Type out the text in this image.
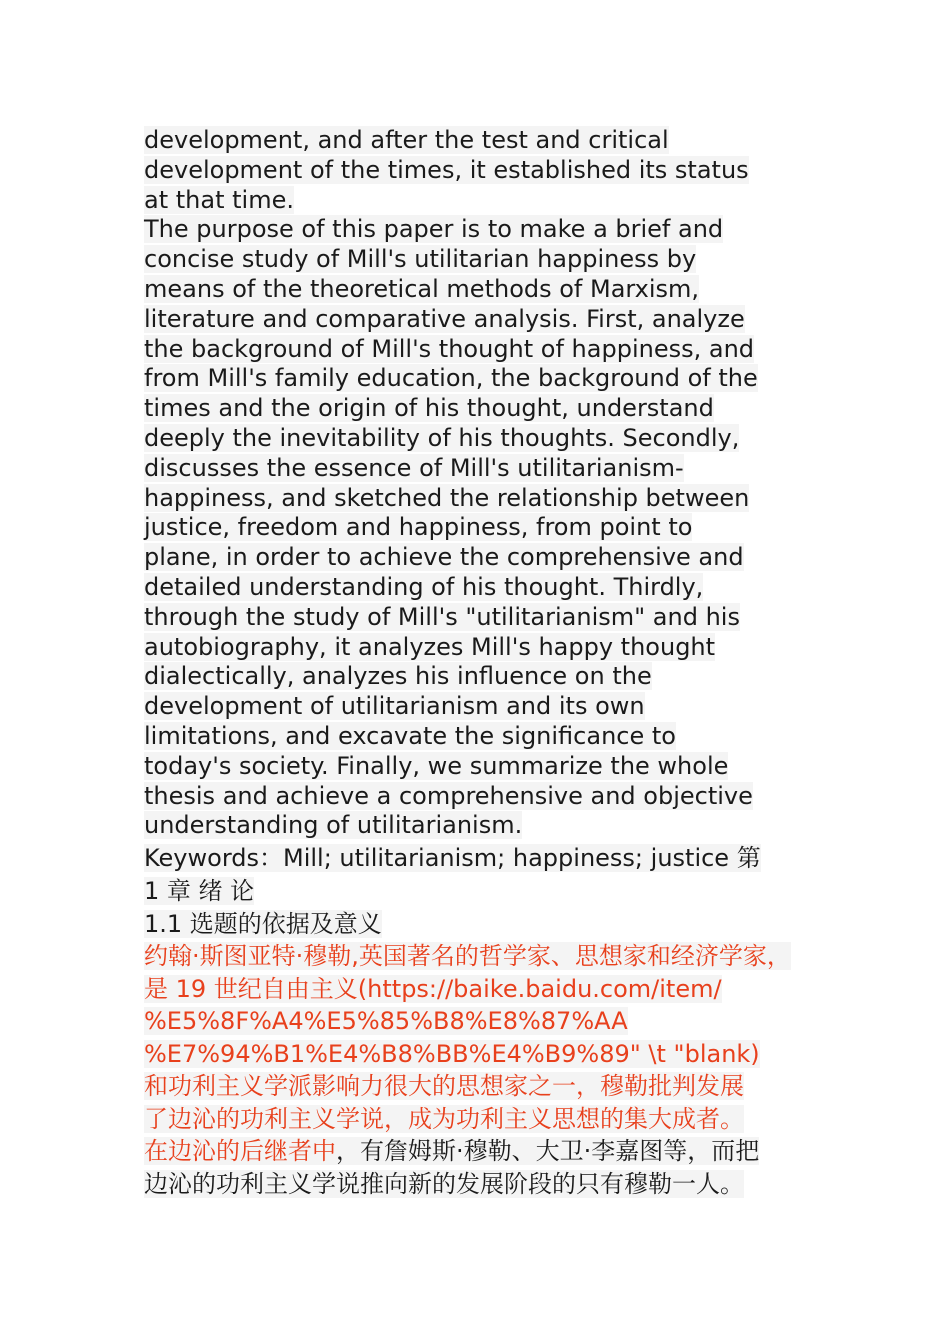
development, and after the test and critical
development of the times, it established its status
at that time.
The purpose of this paper is to make a brief and
concise study of Mill's utilitarian happiness by
means of the theoretical methods of Marxism,
literature and comparative analysis. First, analyze
the background of Mill's thought of happiness, and
from Mill's family education, the background of the
times and the origin of his thought, understand
deeply the inevitability of his thoughts. Secondly,
discusses the essence of Mill's utilitarianism-
happiness, and sketched the relationship between
justice, freedom and happiness, from point to
plane, in order to achieve the comprehensive and
detailed understanding of his thought. Thirdly,
through the study of Mill's "utilitarianism" and his
autobiography, it analyzes Mill's happy thought
dialectically, analyzes his influence on the
development of utilitarianism and its own
limitations, and excavate the significance to
today's society. Finally, we summarize the whole
thesis and achieve a comprehensive and objective
understanding of utilitarianism.
Keywords：Mill; utilitarianism; happiness; justice 第
1 章 绪 论
1.1 选题的依据及意义
约翰·斯图亚特·穆勒,英国著名的哲学家、思想家和经济学家，
是 19 世纪自由主义(https://baike.baidu.com/item/
%E5%8F%A4%E5%85%B8%E8%87%AA
%E7%94%B1%E4%B8%BB%E4%B9%89" \t "blank)
和功利主义学派影响力很大的思想家之一，穆勒批判发展
了边沁的功利主义学说，成为功利主义思想的集大成者。
在边沁的后继者中，有詹姆斯·穆勒、大卫·李嘉图等，而把
边沁的功利主义学说推向新的发展阶段的只有穆勒一人。
